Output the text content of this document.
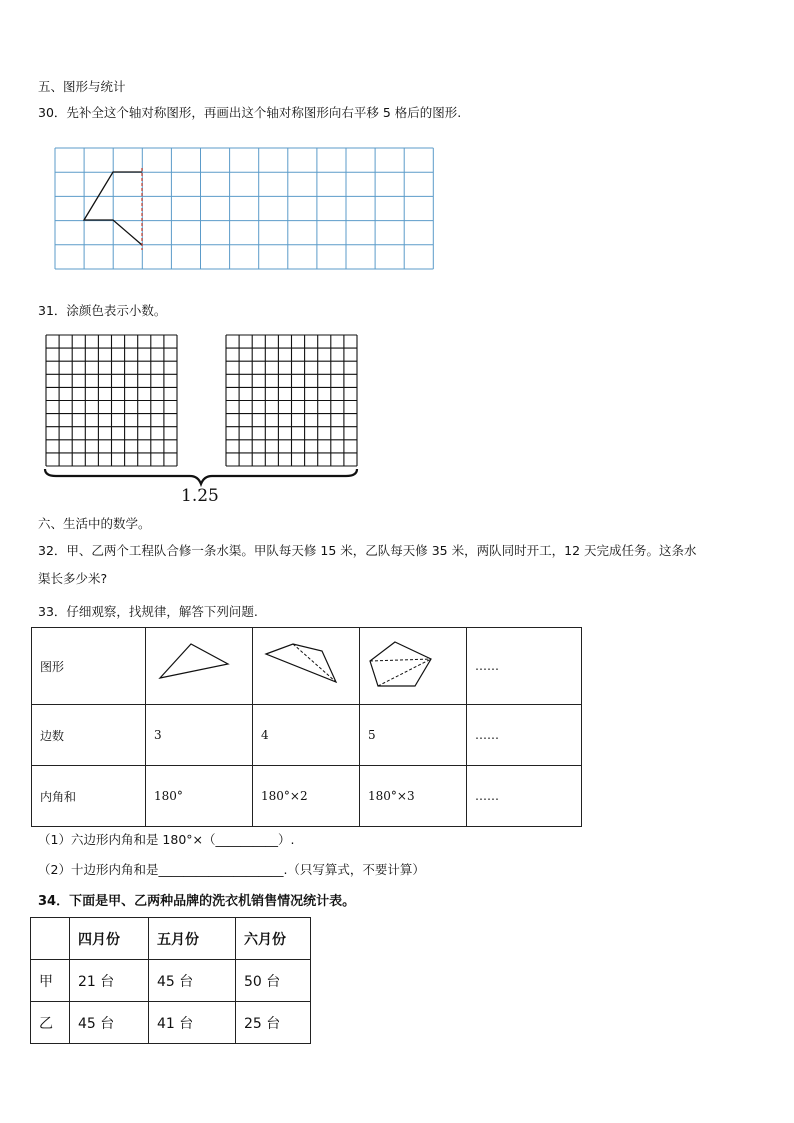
五、图形与统计
30．先补全这个轴对称图形，再画出这个轴对称图形向右平移 5 格后的图形.
31．涂颜色表示小数。
1.25
六、生活中的数学。
32．甲、乙两个工程队合修一条水渠。甲队每天修 15 米，乙队每天修 35 米，两队同时开工，12 天完成任务。这条水
渠长多少米?
33．仔细观察，找规律，解答下列问题.
图形				……
边数	3	4	5	……
内角和	180°	180°×2	180°×3	……
（1）六边形内角和是 180°×（__________）.
（2）十边形内角和是____________________.（只写算式，不要计算）
34．下面是甲、乙两种品牌的洗衣机销售情况统计表。
	四月份	五月份	六月份
甲	21 台	45 台	50 台
乙	45 台	41 台	25 台
